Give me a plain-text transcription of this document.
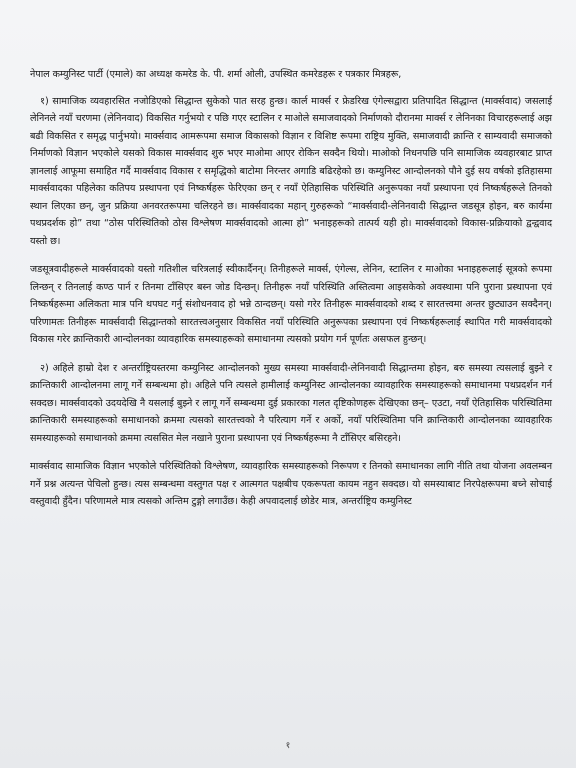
नेपाल कम्युनिस्ट पार्टी (एमाले) का अध्यक्ष कमरेड के. पी. शर्मा ओली, उपस्थित कमरेडहरू र पत्रकार मित्रहरू,

१) सामाजिक व्यवहारसित नजोडिएको सिद्धान्त सुकेको पात सरह हुन्छ। कार्ल मार्क्स र फ्रेडरिख एंगेल्सद्वारा प्रतिपादित सिद्धान्त (मार्क्सवाद) जसलाई लेनिनले नयाँ चरणमा (लेनिनवाद) विकसित गर्नुभयो र पछि गएर स्टालिन र माओले समाजवादको निर्माणको दौरानमा मार्क्स र लेनिनका विचारहरूलाई अझ बढी विकसित र समृद्ध पार्नुभयो। मार्क्सवाद आमरूपमा समाज विकासको विज्ञान र विशिष्ट रूपमा राष्ट्रिय मुक्ति, समाजवादी क्रान्ति र साम्यवादी समाजको निर्माणको विज्ञान भएकोले यसको विकास मार्क्सवाद शुरु भएर माओमा आएर रोकिन सक्दैन थियो। माओको निधनपछि पनि सामाजिक व्यवहारबाट प्राप्त ज्ञानलाई आफूमा समाहित गर्दै मार्क्सवाद विकास र समृद्धिको बाटोमा निरन्तर अगाडि बढिरहेको छ। कम्युनिस्ट आन्दोलनको पौने दुई सय वर्षको इतिहासमा मार्क्सवादका पहिलेका कतिपय प्रस्थापना एवं निष्कर्षहरू फेरिएका छन् र नयाँ ऐतिहासिक परिस्थिति अनुरूपका नयाँ प्रस्थापना एवं निष्कर्षहरूले तिनको स्थान लिएका छन्, जुन प्रक्रिया अनवरतरूपमा चलिरहने छ। मार्क्सवादका महान् गुरुहरूको “मार्क्सवादी-लेनिनवादी सिद्धान्त जडसूत्र होइन, बरु कार्यमा पथप्रदर्शक हो” तथा “ठोस परिस्थितिको ठोस विश्लेषण मार्क्सवादको आत्मा हो” भनाइहरूको तात्पर्य यही हो। मार्क्सवादको विकास-प्रक्रियाको द्वन्द्ववाद यस्तो छ।

जडसूत्रवादीहरूले मार्क्सवादको यस्तो गतिशील चरित्रलाई स्वीकार्दैनन्। तिनीहरूले मार्क्स, एंगेल्स, लेनिन, स्टालिन र माओका भनाइहरूलाई सूत्रको रूपमा लिन्छन् र तिनलाई कण्ठ पार्न र तिनमा टाँसिएर बस्न जोड दिन्छन्। तिनीहरू नयाँ परिस्थिति अस्तित्वमा आइसकेको अवस्थामा पनि पुराना प्रस्थापना एवं निष्कर्षहरूमा अलिकता मात्र पनि थपघट गर्नु संशोधनवाद हो भन्ने ठान्दछन्। यसो गरेर तिनीहरू मार्क्सवादको शब्द र सारतत्त्वमा अन्तर छुट्याउन सक्दैनन्। परिणामतः तिनीहरू मार्क्सवादी सिद्धान्तको सारतत्त्वअनुसार विकसित नयाँ परिस्थिति अनुरूपका प्रस्थापना एवं निष्कर्षहरूलाई स्थापित गरी मार्क्सवादको विकास गरेर क्रान्तिकारी आन्दोलनका व्यावहारिक समस्याहरूको समाधानमा त्यसको प्रयोग गर्न पूर्णतः असफल हुन्छन्।

२) अहिले हाम्रो देश र अन्तर्राष्ट्रियस्तरमा कम्युनिस्ट आन्दोलनको मुख्य समस्या मार्क्सवादी-लेनिनवादी सिद्धान्तमा होइन, बरु समस्या त्यसलाई बुझ्ने र क्रान्तिकारी आन्दोलनमा लागू गर्ने सम्बन्धमा हो। अहिले पनि त्यसले हामीलाई कम्युनिस्ट आन्दोलनका व्यावहारिक समस्याहरूको समाधानमा पथप्रदर्शन गर्न सक्दछ। मार्क्सवादको उदयदेखि नै यसलाई बुझ्ने र लागू गर्ने सम्बन्धमा दुई प्रकारका गलत दृष्टिकोणहरू देखिएका छन्– एउटा, नयाँ ऐतिहासिक परिस्थितिमा क्रान्तिकारी समस्याहरूको समाधानको क्रममा त्यसको सारतत्त्वको नै परित्याग गर्ने र अर्को, नयाँ परिस्थितिमा पनि क्रान्तिकारी आन्दोलनका व्यावहारिक समस्याहरूको समाधानको क्रममा त्यससित मेल नखाने पुराना प्रस्थापना एवं निष्कर्षहरूमा नै टाँसिएर बसिरहने।

मार्क्सवाद सामाजिक विज्ञान भएकोले परिस्थितिको विश्लेषण, व्यावहारिक समस्याहरूको निरूपण र तिनको समाधानका लागि नीति तथा योजना अवलम्बन गर्ने प्रश्न अत्यन्त पेचिलो हुन्छ। त्यस सम्बन्धमा वस्तुगत पक्ष र आत्मगत पक्षबीच एकरूपता कायम नहुन सक्दछ। यो समस्याबाट निरपेक्षरूपमा बच्ने सोचाई वस्तुवादी हुँदैन। परिणामले मात्र त्यसको अन्तिम टुङ्गो लगाउँछ। केही अपवादलाई छोडेर मात्र, अन्तर्राष्ट्रिय कम्युनिस्ट

१
